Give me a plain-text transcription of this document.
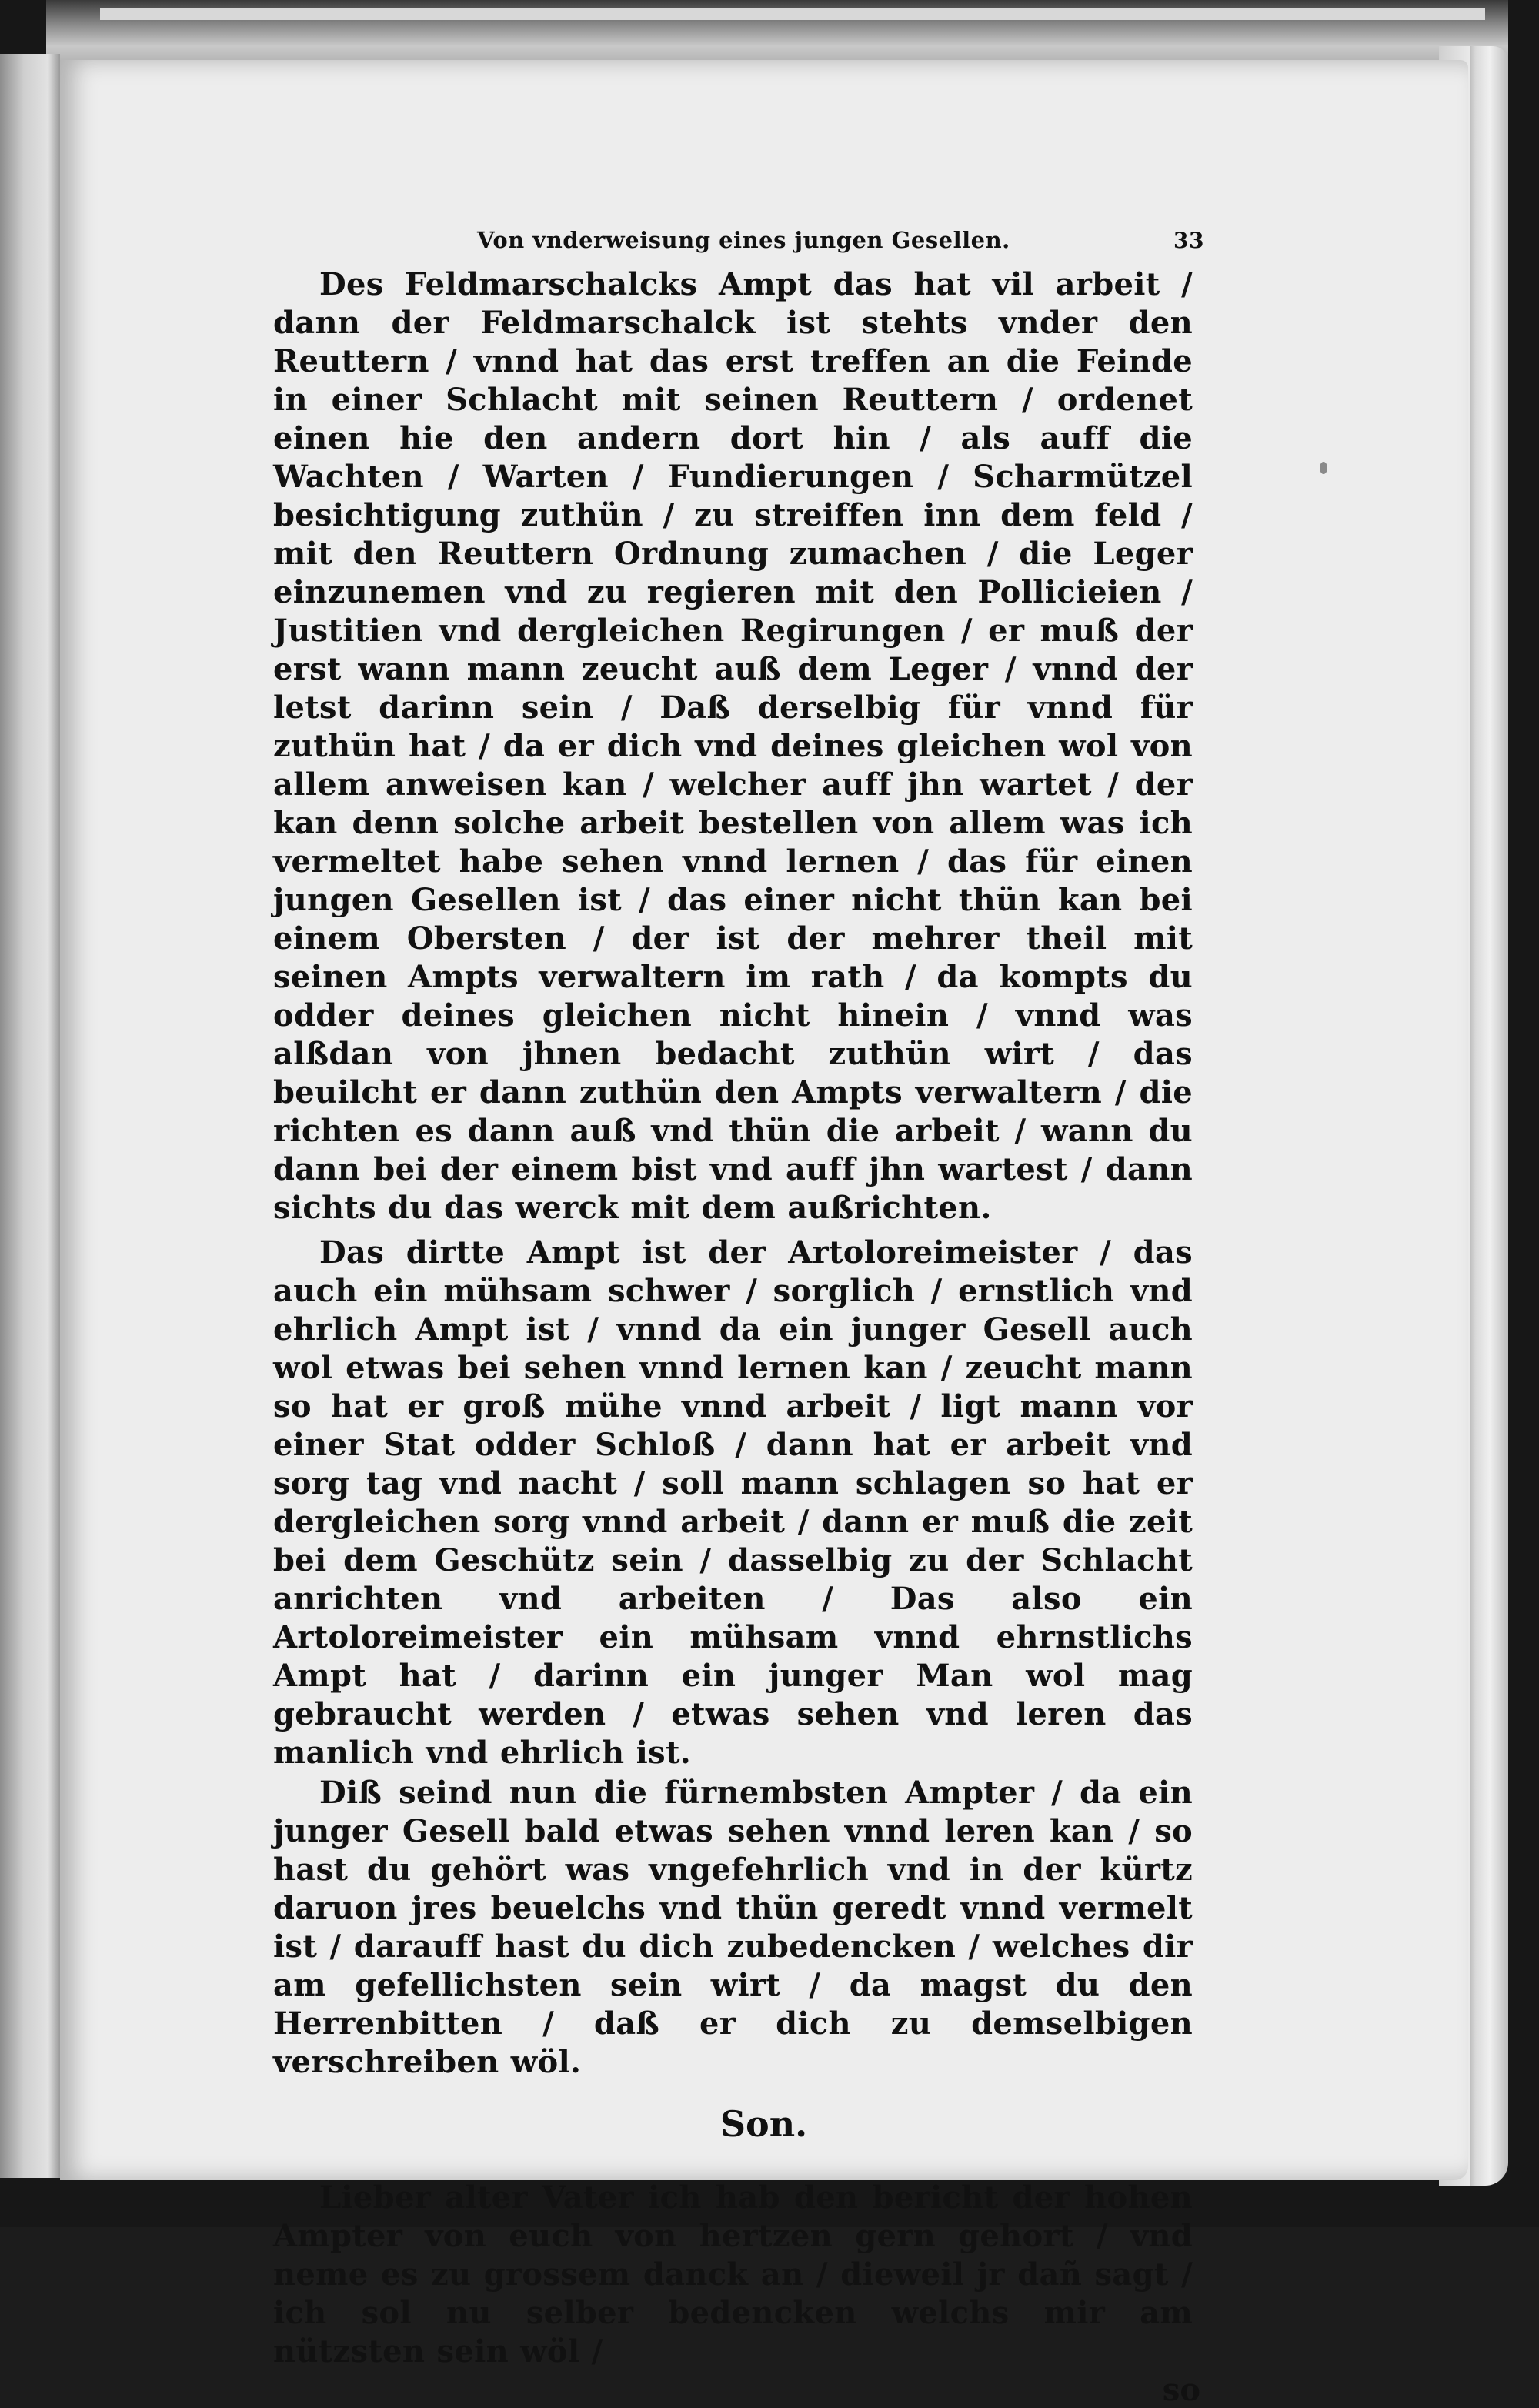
Von vnderweisung eines jungen Gesellen.	33

Des Feldmarschalcks Ampt das hat vil arbeit / dann der Feldmarschalck ist stehts vnder den Reuttern / vnnd hat das erst treffen an die Feinde in einer Schlacht mit seinen Reuttern / ordenet einen hie den andern dort hin / als auff die Wachten / Warten / Fundierungen / Scharmützel besichtigung zuthün / zu streiffen inn dem feld / mit den Reuttern Ordnung zumachen / die Leger einzunemen vnd zu regieren mit den Pollicieien / Justitien vnd dergleichen Regirungen / er muß der erst wann mann zeucht auß dem Leger / vnnd der letst darinn sein / Daß derselbig für vnnd für zuthün hat / da er dich vnd deines gleichen wol von allem anweisen kan / welcher auff jhn wartet / der kan denn solche arbeit bestellen von allem was ich vermeltet habe sehen vnnd lernen / das für einen jungen Gesellen ist / das einer nicht thün kan bei einem Obersten / der ist der mehrer theil mit seinen Ampts verwaltern im rath / da kompts du odder deines gleichen nicht hinein / vnnd was alßdan von jhnen bedacht zuthün wirt / das beuilcht er dann zuthün den Ampts verwaltern / die richten es dann auß vnd thün die arbeit / wann du dann bei der einem bist vnd auff jhn wartest / dann sichts du das werck mit dem außrichten.

Das dirtte Ampt ist der Artoloreimeister / das auch ein mühsam schwer / sorglich / ernstlich vnd ehrlich Ampt ist / vnnd da ein junger Gesell auch wol etwas bei sehen vnnd lernen kan / zeucht mann so hat er groß mühe vnnd arbeit / ligt mann vor einer Stat odder Schloß / dann hat er arbeit vnd sorg tag vnd nacht / soll mann schlagen so hat er dergleichen sorg vnnd arbeit / dann er muß die zeit bei dem Geschütz sein / dasselbig zu der Schlacht anrichten vnd arbeiten / Das also ein Artoloreimeister ein mühsam vnnd ehrnstlichs Ampt hat / darinn ein junger Man wol mag gebraucht werden / etwas sehen vnd leren das manlich vnd ehrlich ist.

Diß seind nun die fürnembsten Ampter / da ein junger Gesell bald etwas sehen vnnd leren kan / so hast du gehört was vngefehrlich vnd in der kürtz daruon jres beuelchs vnd thün geredt vnnd vermelt ist / darauff hast du dich zubedencken / welches dir am gefellichsten sein wirt / da magst du den Herrenbitten / daß er dich zu demselbigen verschreiben wöl.

Son.

Lieber alter Vater ich hab den bericht der hohen Ampter von euch von hertzen gern gehort / vnd neme es zu grossem danck an / dieweil jr dañ sagt / ich sol nu selber bedencken welchs mir am nützsten sein wöl /

so
